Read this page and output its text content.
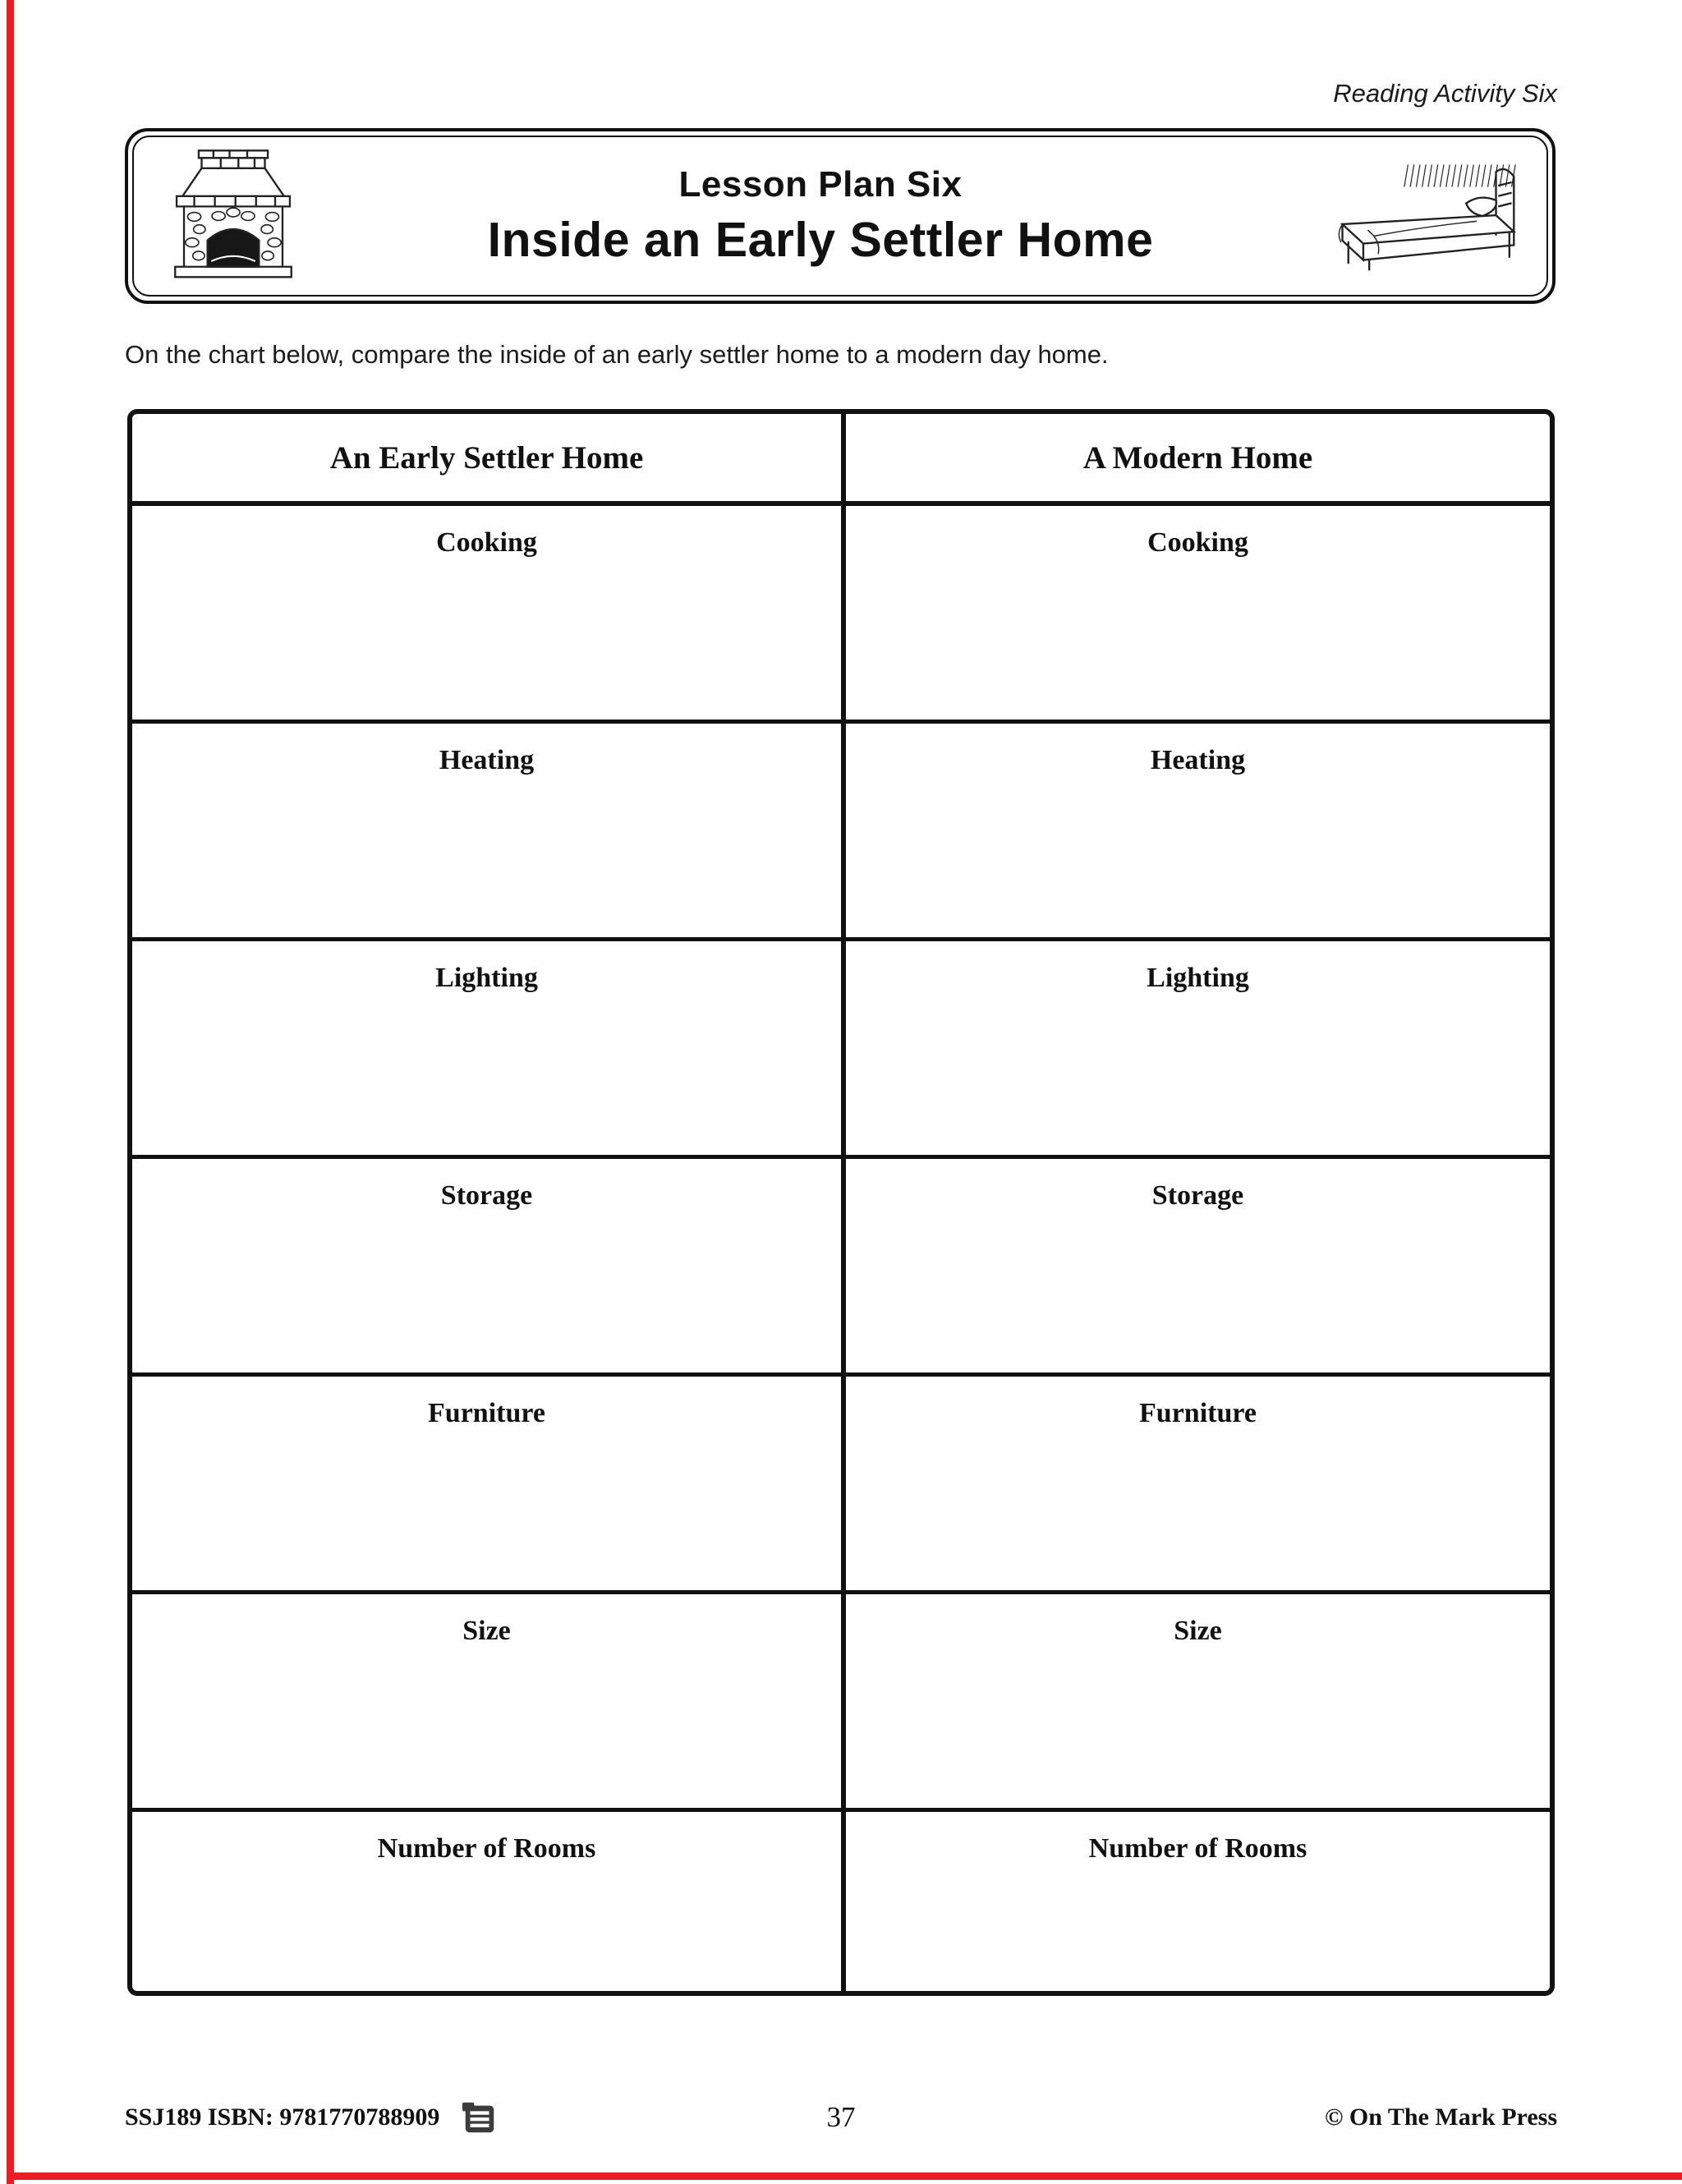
Reading Activity Six
Lesson Plan Six
Inside an Early Settler Home
On the chart below, compare the inside of an early settler home to a modern day home.
An Early Settler Home	A Modern Home
Cooking	Cooking
Heating	Heating
Lighting	Lighting
Storage	Storage
Furniture	Furniture
Size	Size
Number of Rooms	Number of Rooms
SSJ189 ISBN: 9781770788909	37	© On The Mark Press
